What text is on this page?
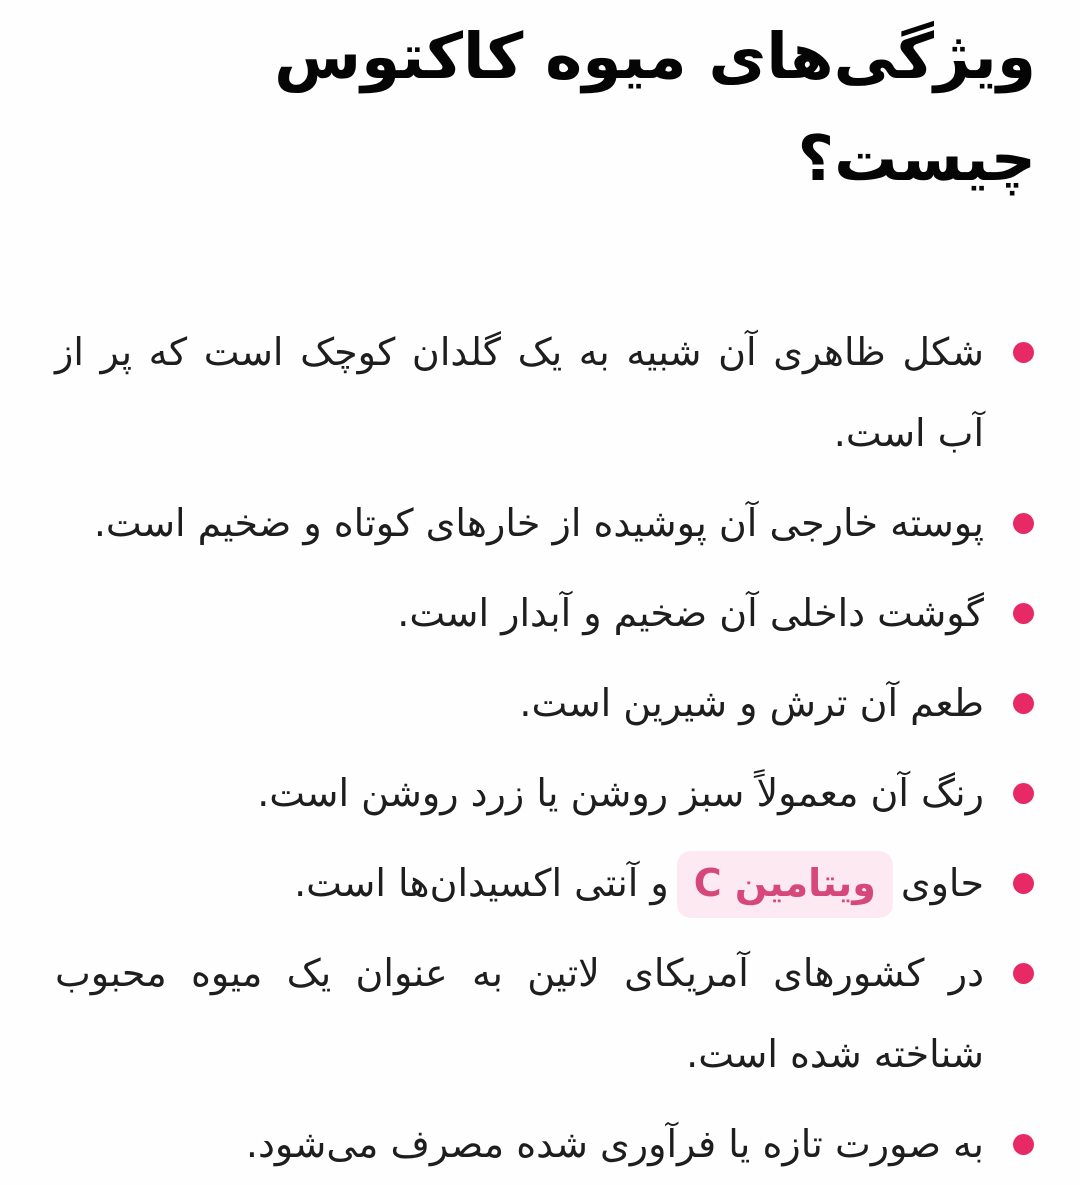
ویژگی‌های میوه کاکتوس چیست؟
شکل ظاهری آن شبیه به یک گلدان کوچک است که پر از آب است.
پوسته خارجی آن پوشیده از خارهای کوتاه و ضخیم است.
گوشت داخلی آن ضخیم و آبدار است.
طعم آن ترش و شیرین است.
رنگ آن معمولاً سبز روشن یا زرد روشن است.
حاویویتامین Cو آنتی اکسیدان‌ها است.
در کشورهای آمریکای لاتین به عنوان یک میوه محبوب شناخته شده است.
به صورت تازه یا فرآوری شده مصرف می‌شود.
